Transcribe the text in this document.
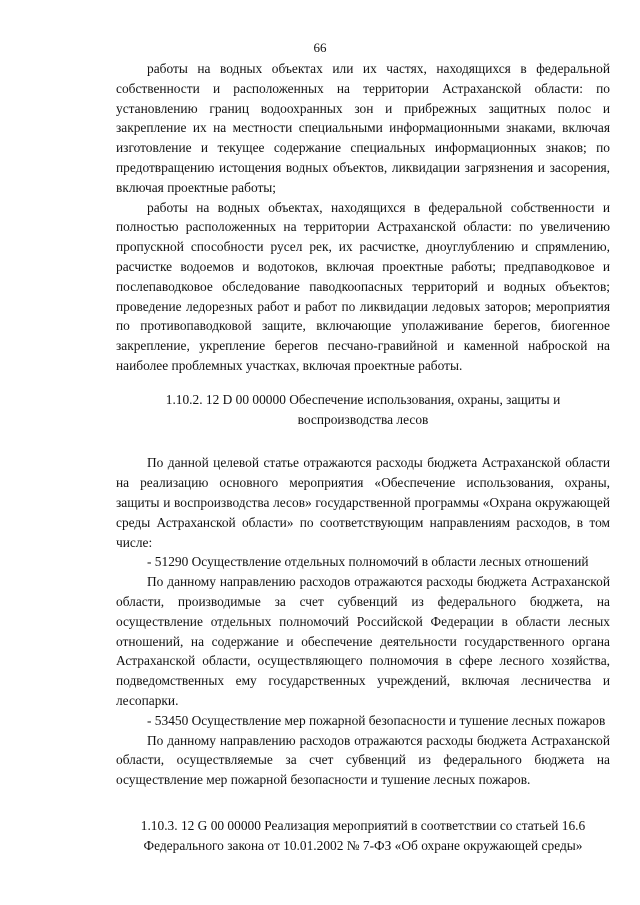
66

работы на водных объектах или их частях, находящихся в федеральной собственности и расположенных на территории Астраханской области: по установлению границ водоохранных зон и прибрежных защитных полос и закрепление их на местности специальными информационными знаками, включая изготовление и текущее содержание специальных информационных знаков; по предотвращению истощения водных объектов, ликвидации загрязнения и засорения, включая проектные работы;

работы на водных объектах, находящихся в федеральной собственности и полностью расположенных на территории Астраханской области: по увеличению пропускной способности русел рек, их расчистке, дноуглублению и спрямлению, расчистке водоемов и водотоков, включая проектные работы; предпаводковое и послепаводковое обследование паводкоопасных территорий и водных объектов; проведение ледорезных работ и работ по ликвидации ледовых заторов; мероприятия по противопаводковой защите, включающие уполаживание берегов, биогенное закрепление, укрепление берегов песчано-гравийной и каменной наброской на наиболее проблемных участках, включая проектные работы.

1.10.2. 12 D 00 00000 Обеспечение использования, охраны, защиты и
воспроизводства лесов

По данной целевой статье отражаются расходы бюджета Астраханской области на реализацию основного мероприятия «Обеспечение использования, охраны, защиты и воспроизводства лесов» государственной программы «Охрана окружающей среды Астраханской области» по соответствующим направлениям расходов, в том числе:

- 51290 Осуществление отдельных полномочий в области лесных отношений

По данному направлению расходов отражаются расходы бюджета Астраханской области, производимые за счет субвенций из федерального бюджета, на осуществление отдельных полномочий Российской Федерации в области лесных отношений, на содержание и обеспечение деятельности государственного органа Астраханской области, осуществляющего полномочия в сфере лесного хозяйства, подведомственных ему государственных учреждений, включая лесничества и лесопарки.

- 53450 Осуществление мер пожарной безопасности и тушение лесных пожаров

По данному направлению расходов отражаются расходы бюджета Астраханской области, осуществляемые за счет субвенций из федерального бюджета на осуществление мер пожарной безопасности и тушение лесных пожаров.

1.10.3. 12 G 00 00000 Реализация мероприятий в соответствии со статьей 16.6
Федерального закона от 10.01.2002 № 7-ФЗ «Об охране окружающей среды»
